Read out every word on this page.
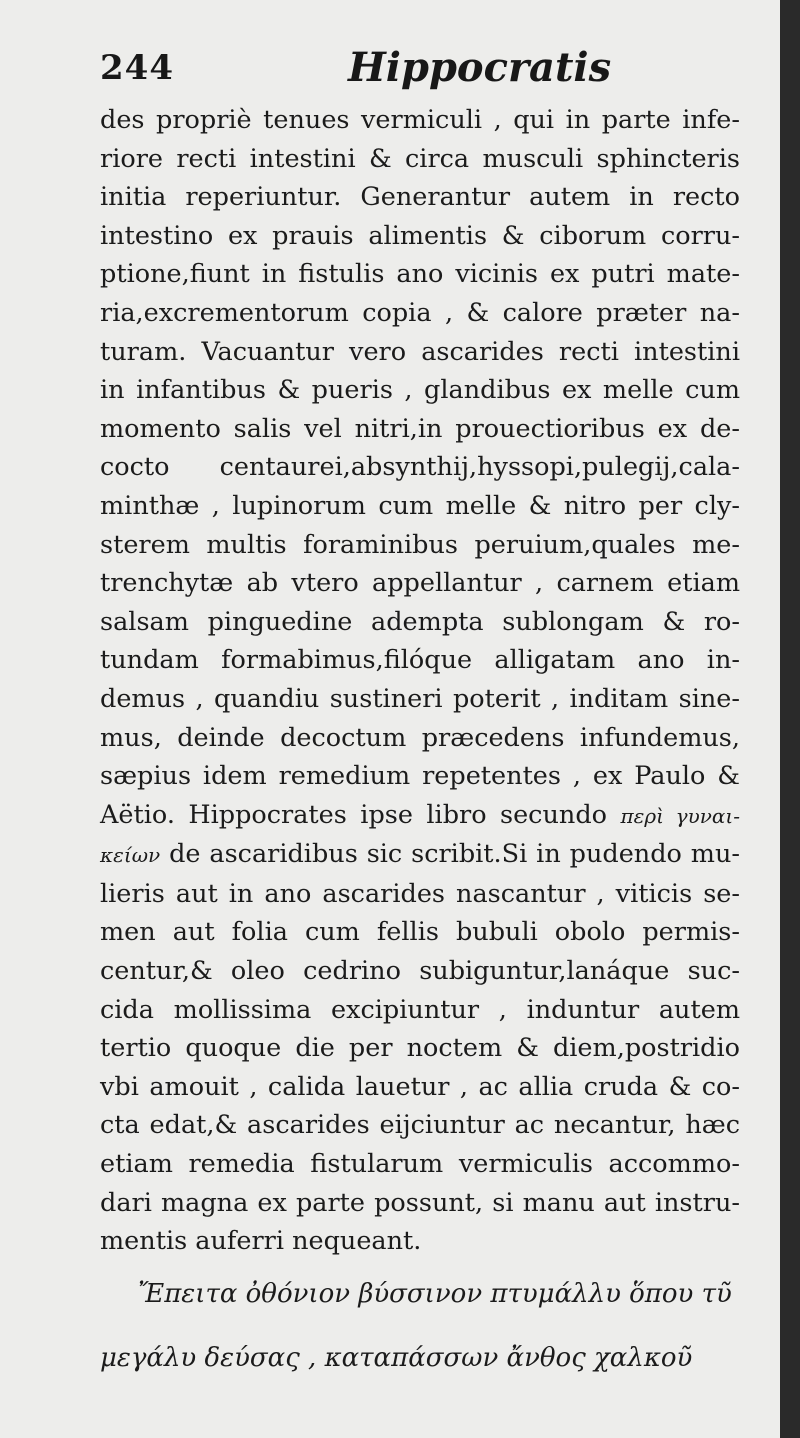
244	Hippocratis
des propriè tenues vermiculi , qui in parte infe-
riore recti intestini & circa musculi sphincteris
initia reperiuntur. Generantur autem in recto
intestino ex prauis alimentis & ciborum corru-
ptione,fiunt in fistulis ano vicinis ex putri mate-
ria,excrementorum copia , & calore præter na-
turam. Vacuantur vero ascarides recti intestini
in infantibus & pueris , glandibus ex melle cum
momento salis vel nitri,in prouectioribus ex de-
cocto centaurei,absynthij,hyssopi,pulegij,cala-
minthæ , lupinorum cum melle & nitro per cly-
sterem multis foraminibus peruium,quales me-
trenchytæ ab vtero appellantur , carnem etiam
salsam pinguedine adempta sublongam & ro-
tundam formabimus,filóque alligatam ano in-
demus , quandiu sustineri poterit , inditam sine-
mus, deinde decoctum præcedens infundemus,
sæpius idem remedium repetentes , ex Paulo &
Aëtio. Hippocrates ipse libro secundo περὶ γυναι-
κείων de ascaridibus sic scribit.Si in pudendo mu-
lieris aut in ano ascarides nascantur , viticis se-
men aut folia cum fellis bubuli obolo permis-
centur,& oleo cedrino subiguntur,lanáque suc-
cida mollissima excipiuntur , induntur autem
tertio quoque die per noctem & diem,postridio
vbi amouit , calida lauetur , ac allia cruda & co-
cta edat,& ascarides eijciuntur ac necantur, hæc
etiam remedia fistularum vermiculis accommo-
dari magna ex parte possunt, si manu aut instru-
mentis auferri nequeant.
Ἔπειτα ὀθόνιον βύσσινον πτυμάλλυ ὅπου τῦ
μεγάλυ δεύσας , καταπάσσων ἄνθος χαλκοῦ
